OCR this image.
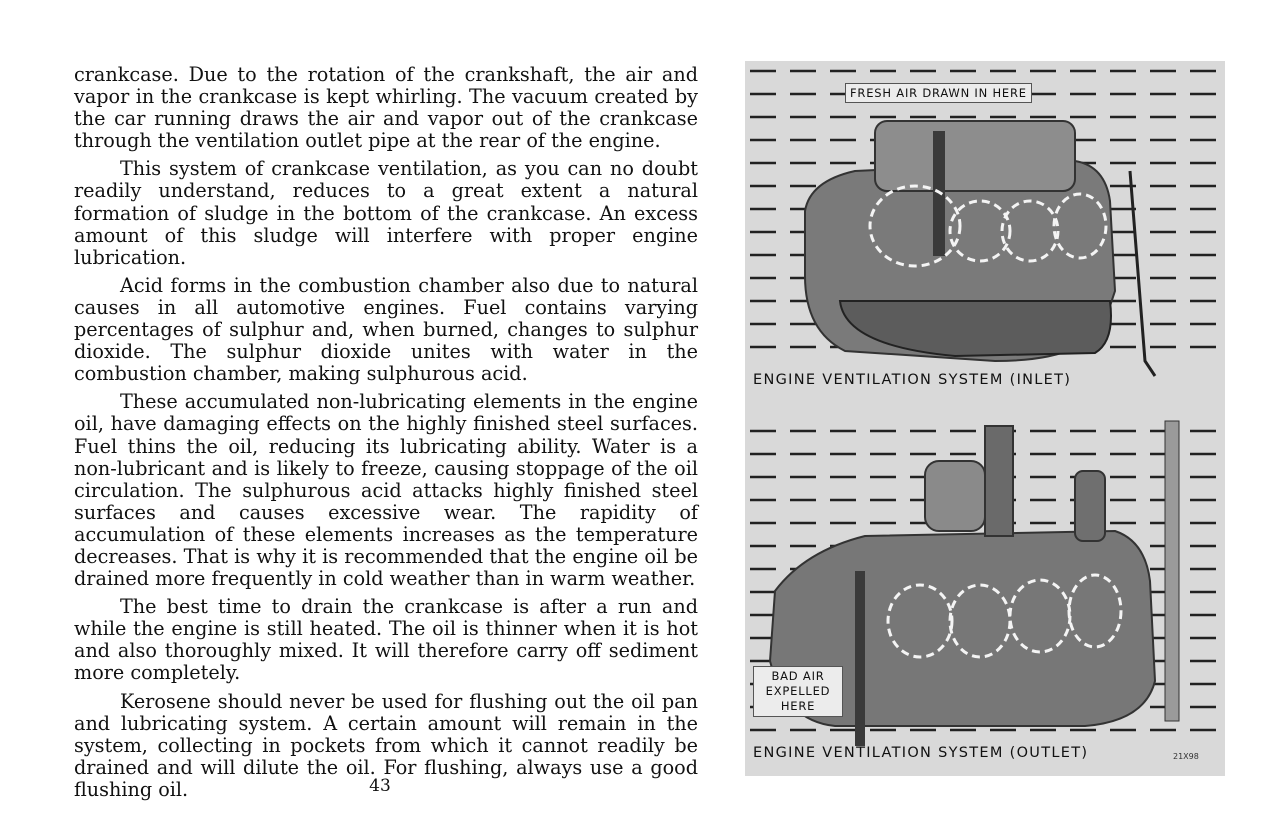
crankcase. Due to the rotation of the crankshaft, the air and vapor in the crankcase is kept whirling. The vacuum created by the car running draws the air and vapor out of the crankcase through the ventilation outlet pipe at the rear of the engine.

This system of crankcase ventilation, as you can no doubt readily understand, reduces to a great extent a natural formation of sludge in the bottom of the crankcase. An excess amount of this sludge will interfere with proper engine lubrication.

Acid forms in the combustion chamber also due to natural causes in all automotive engines. Fuel contains varying percentages of sulphur and, when burned, changes to sulphur dioxide. The sulphur dioxide unites with water in the combustion chamber, making sulphurous acid.

These accumulated non-lubricating elements in the engine oil, have damaging effects on the highly finished steel surfaces. Fuel thins the oil, reducing its lubricating ability. Water is a non-lubricant and is likely to freeze, causing stoppage of the oil circulation. The sulphurous acid attacks highly finished steel surfaces and causes excessive wear. The rapidity of accumulation of these elements increases as the temperature decreases. That is why it is recommended that the engine oil be drained more frequently in cold weather than in warm weather.

The best time to drain the crankcase is after a run and while the engine is still heated. The oil is thinner when it is hot and also thoroughly mixed. It will therefore carry off sediment more completely.

Kerosene should never be used for flushing out the oil pan and lubricating system. A certain amount will remain in the system, collecting in pockets from which it cannot readily be drained and will dilute the oil. For flushing, always use a good flushing oil.	43
FRESH AIR DRAWN IN HERE
ENGINE VENTILATION SYSTEM (INLET)
BAD AIR
EXPELLED
HERE
ENGINE VENTILATION SYSTEM (OUTLET)	21X98
